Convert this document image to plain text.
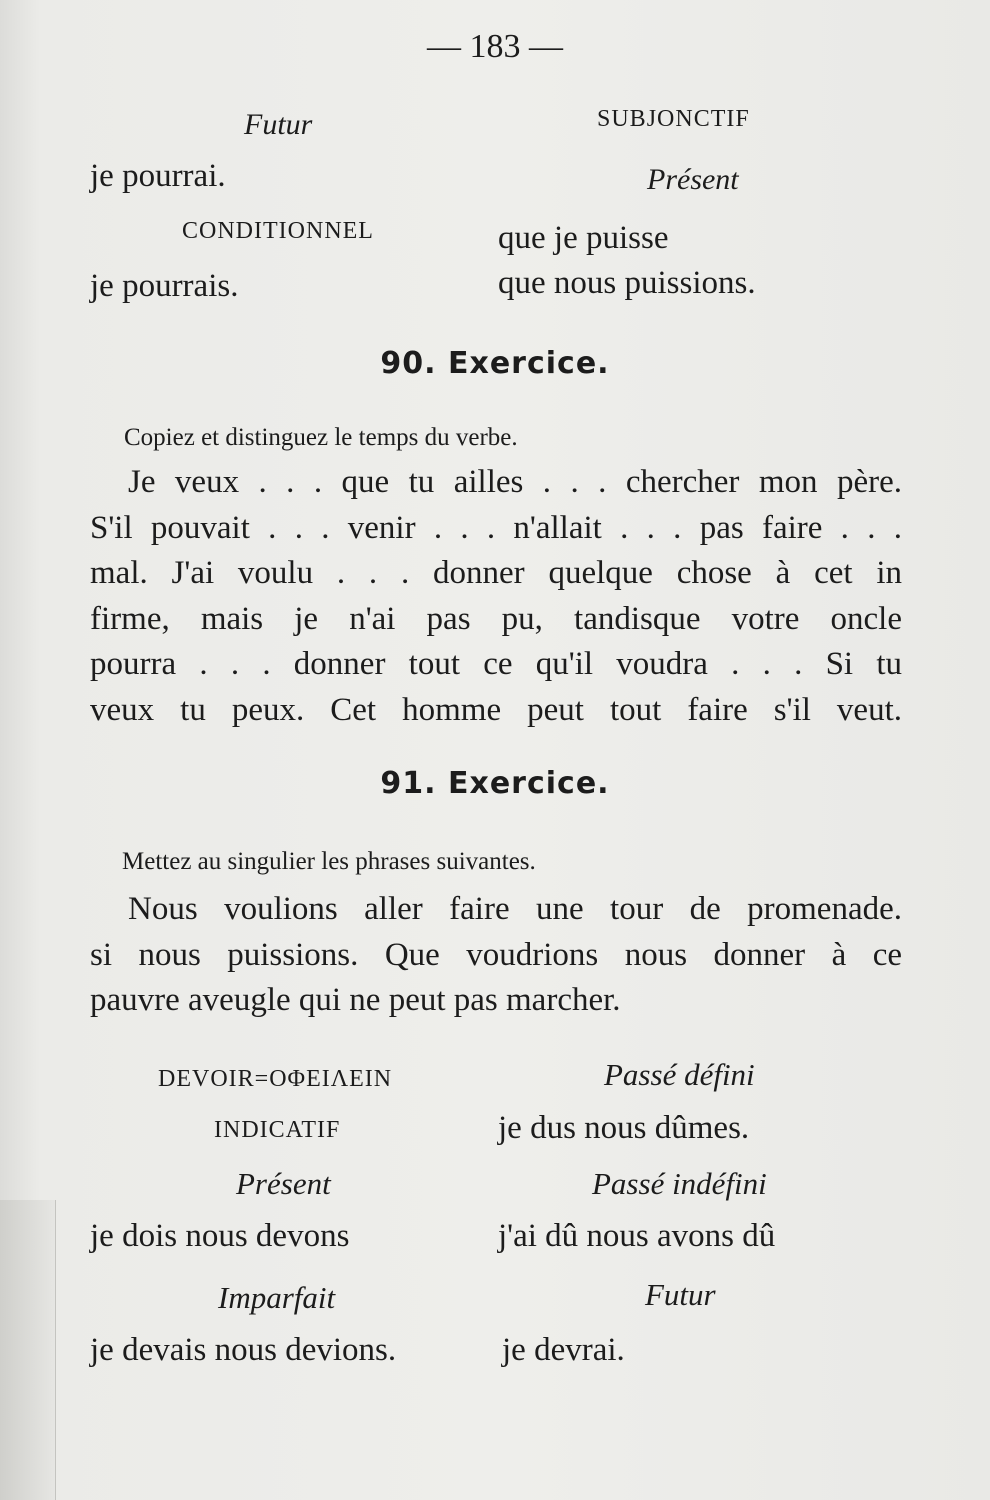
— 183 —
Futur
je pourrai.
CONDITIONNEL
je pourrais.
SUBJONCTIF
Présent
que je puisse
que nous puissions.
90. Exercice.
Copiez et distinguez le temps du verbe.
Je veux . . . que tu ailles . . . chercher mon père.
S'il pouvait . . . venir . . . n'allait . . . pas faire . . .
mal. J'ai voulu . . . donner quelque chose à cet in
firme, mais je n'ai pas pu, tandisque votre oncle
pourra . . . donner tout ce qu'il voudra . . . Si tu
veux tu peux. Cet homme peut tout faire s'il veut.
91. Exercice.
Mettez au singulier les phrases suivantes.
Nous voulions aller faire une tour de promenade.
si nous puissions. Que voudrions nous donner à ce
pauvre aveugle qui ne peut pas marcher.
DEVOIR=ΟΦΕΙΛΕΙΝ
INDICATIF
Présent
je dois nous devons
Imparfait
je devais nous devions.
Passé défini
je dus nous dûmes.
Passé indéfini
j'ai dû nous avons dû
Futur
je devrai.
